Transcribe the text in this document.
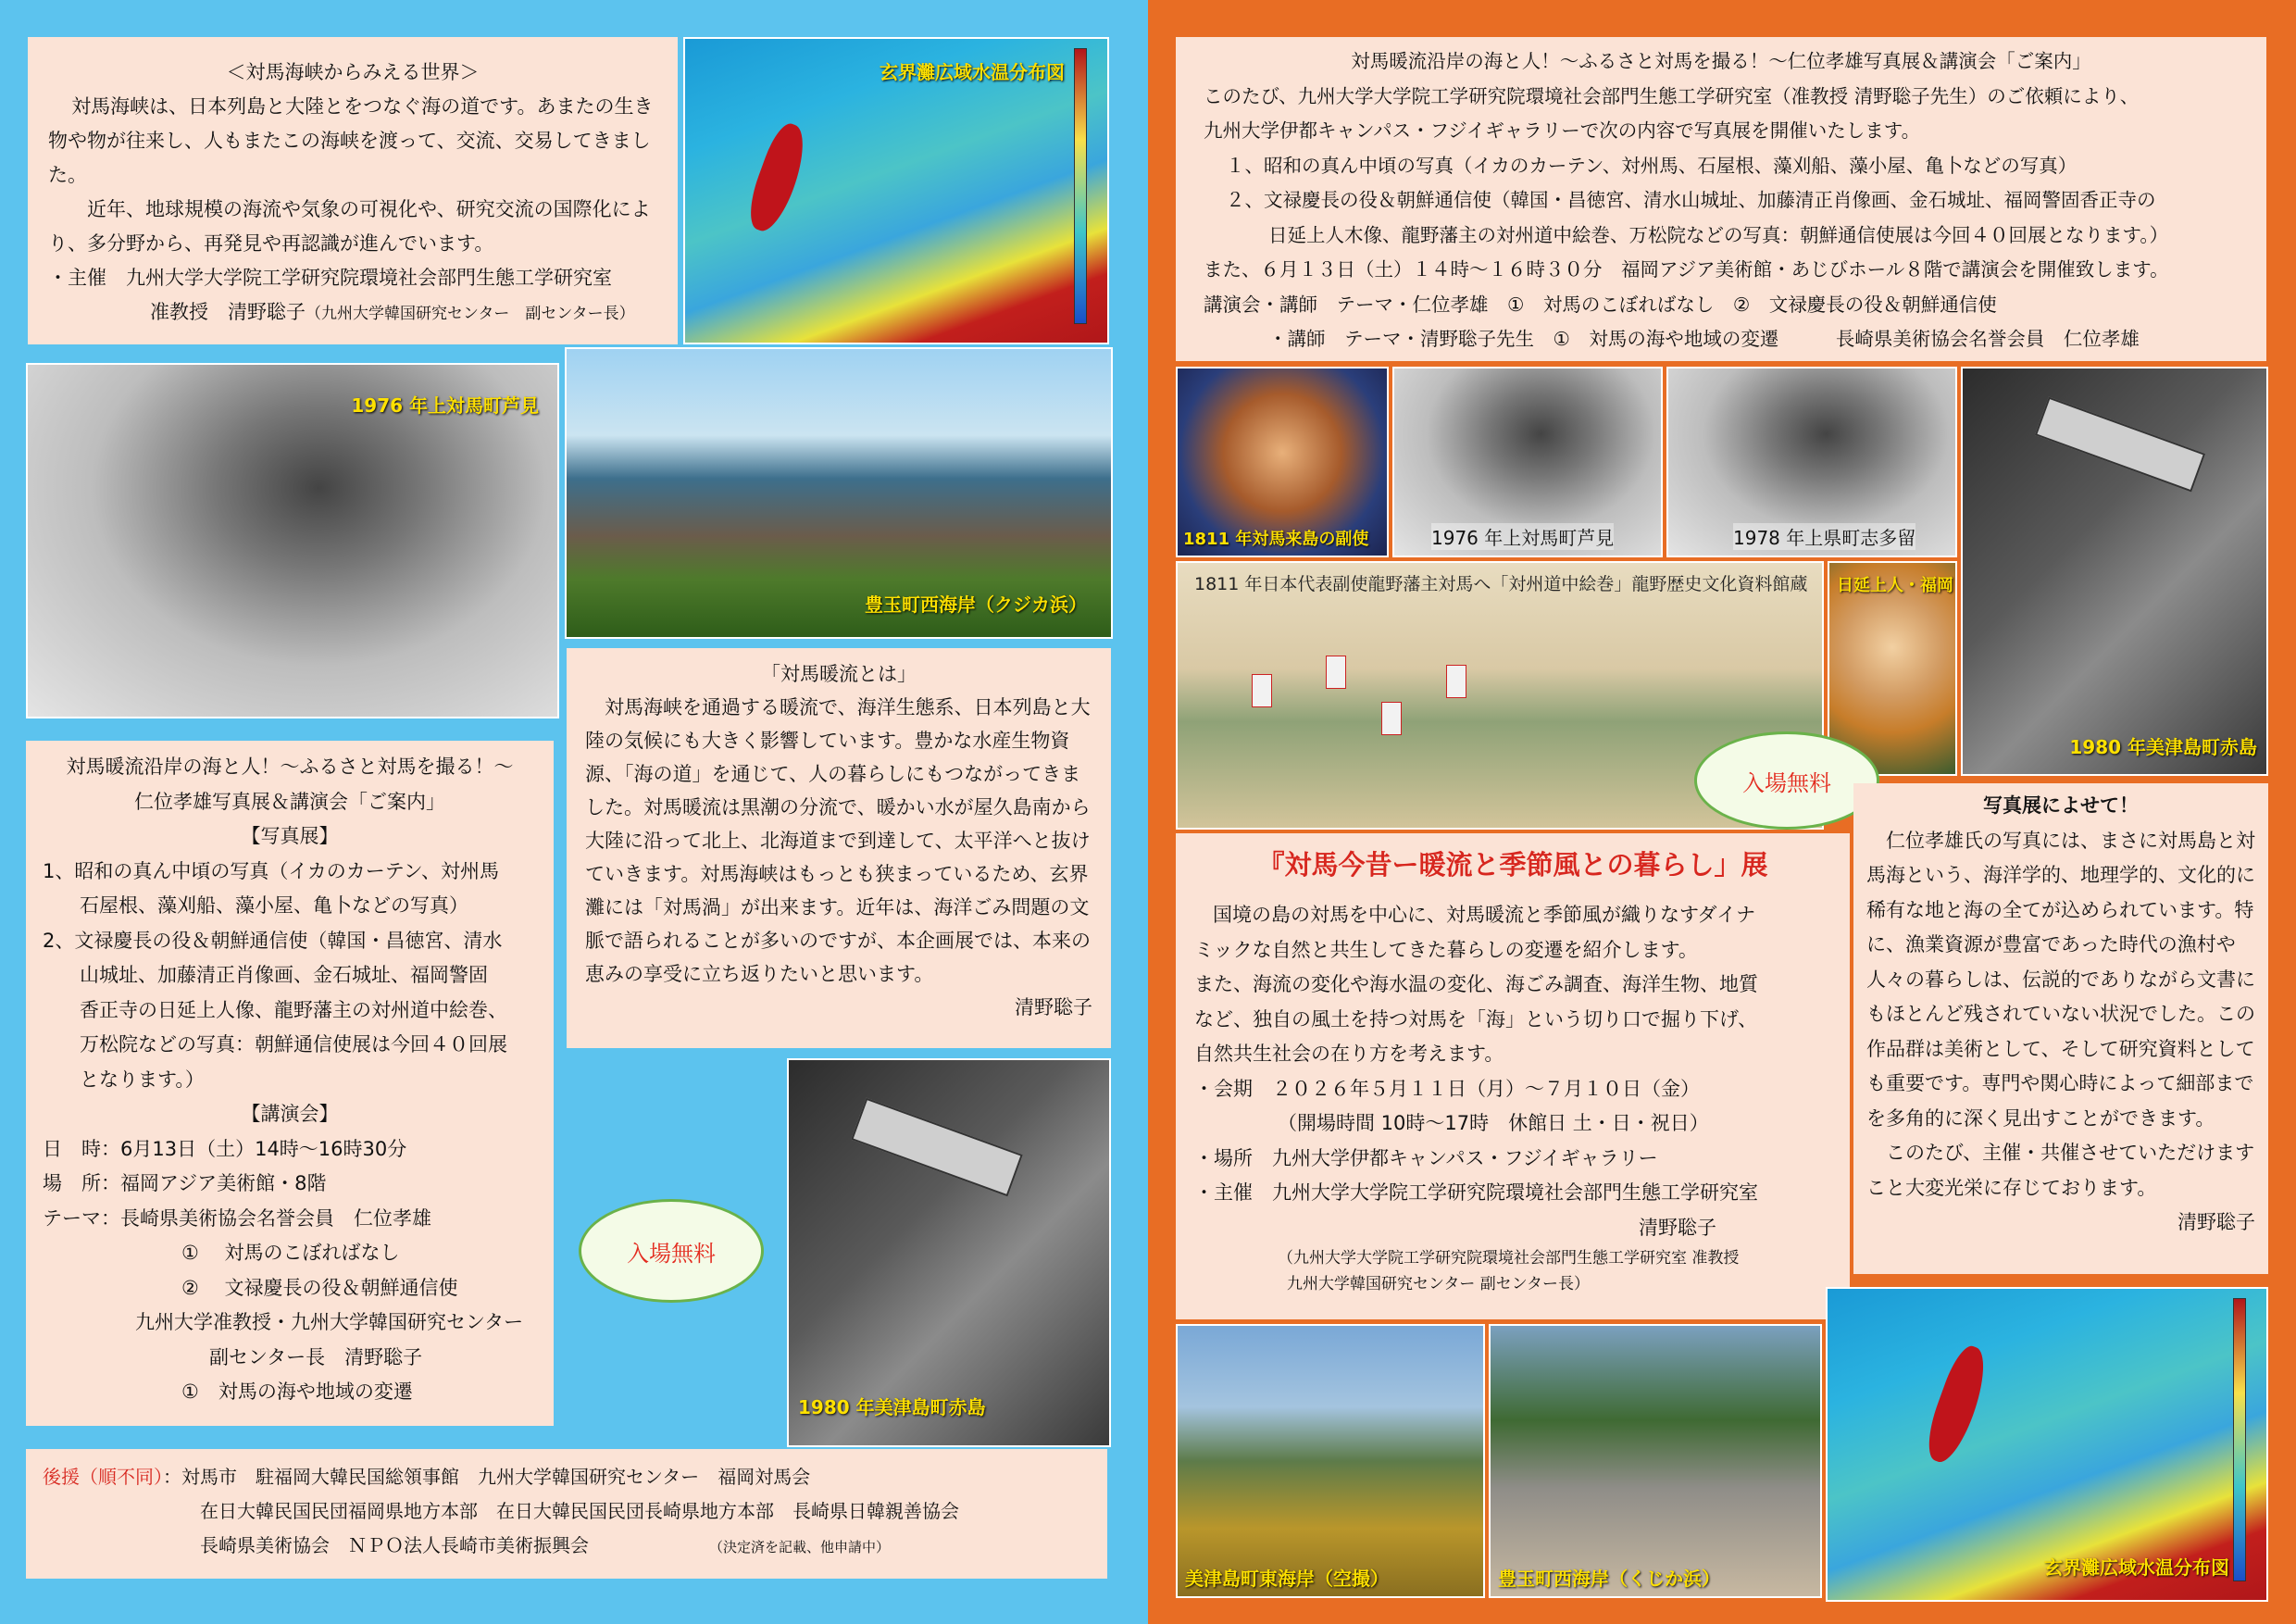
＜対馬海峡からみえる世界＞
対馬海峡は、日本列島と大陸とをつなぐ海の道です。あまたの生き物や物が往来し、人もまたこの海峡を渡って、交流、交易してきました。
近年、地球規模の海流や気象の可視化や、研究交流の国際化により、多分野から、再発見や再認識が進んでいます。
・主催　九州大学大学院工学研究院環境社会部門生態工学研究室
准教授　清野聡子（九州大学韓国研究センター　副センター長）
玄界灘広域水温分布図
1976 年上対馬町芦見
豊玉町西海岸（クジカ浜）
「対馬暖流とは」
対馬海峡を通過する暖流で、海洋生態系、日本列島と大陸の気候にも大きく影響しています。豊かな水産生物資源、「海の道」を通じて、人の暮らしにもつながってきました。対馬暖流は黒潮の分流で、暖かい水が屋久島南から大陸に沿って北上、北海道まで到達して、太平洋へと抜けていきます。対馬海峡はもっとも狭まっているため、玄界灘には「対馬渦」が出来ます。近年は、海洋ごみ問題の文脈で語られることが多いのですが、本企画展では、本来の恵みの享受に立ち返りたいと思います。
清野聡子
対馬暖流沿岸の海と人！～ふるさと対馬を撮る！～
仁位孝雄写真展＆講演会「ご案内」
【写真展】
1、昭和の真ん中頃の写真（イカのカーテン、対州馬
石屋根、藻刈船、藻小屋、亀卜などの写真）
2、文禄慶長の役＆朝鮮通信使（韓国・昌徳宮、清水
山城址、加藤清正肖像画、金石城址、福岡警固
香正寺の日延上人像、龍野藩主の対州道中絵巻、
万松院などの写真：朝鮮通信使展は今回４０回展
となります。）
【講演会】
日　時：6月13日（土）14時～16時30分
場　所：福岡アジア美術館・8階
テーマ：長崎県美術協会名誉会員　仁位孝雄
①　 対馬のこぼればなし
②　 文禄慶長の役＆朝鮮通信使
九州大学准教授・九州大学韓国研究センター
副センター長　清野聡子
①　対馬の海や地域の変遷
入場無料
1980 年美津島町赤島
後援（順不同）：対馬市　駐福岡大韓民国総領事館　九州大学韓国研究センター　福岡対馬会
在日大韓民国民団福岡県地方本部　在日大韓民国民団長崎県地方本部　長崎県日韓親善協会
長崎県美術協会　ＮＰＯ法人長崎市美術振興会	（決定済を記載、他申請中）
対馬暖流沿岸の海と人！～ふるさと対馬を撮る！～仁位孝雄写真展＆講演会「ご案内」
このたび、九州大学大学院工学研究院環境社会部門生態工学研究室（准教授 清野聡子先生）のご依頼により、
九州大学伊都キャンパス・フジイギャラリーで次の内容で写真展を開催いたします。
１、昭和の真ん中頃の写真（イカのカーテン、対州馬、石屋根、藻刈船、藻小屋、亀卜などの写真）
２、文禄慶長の役＆朝鮮通信使（韓国・昌徳宮、清水山城址、加藤清正肖像画、金石城址、福岡警固香正寺の
日延上人木像、龍野藩主の対州道中絵巻、万松院などの写真：朝鮮通信使展は今回４０回展となります。）
また、６月１３日（土）１４時～１６時３０分　福岡アジア美術館・あじびホール８階で講演会を開催致します。
講演会・講師　テーマ・仁位孝雄　①　対馬のこぼればなし　②　文禄慶長の役＆朝鮮通信使
・講師　テーマ・清野聡子先生　①　対馬の海や地域の変遷　　　長崎県美術協会名誉会員　仁位孝雄
1811 年対馬来島の副使	1976 年上対馬町芦見	1978 年上県町志多留
1980 年美津島町赤島
1811 年日本代表副使龍野藩主対馬へ「対州道中絵巻」龍野歴史文化資料館蔵 日延上人・福岡
入場無料
『対馬今昔ー暖流と季節風との暮らし」展
国境の島の対馬を中心に、対馬暖流と季節風が織りなすダイナ
ミックな自然と共生してきた暮らしの変遷を紹介します。
また、海流の変化や海水温の変化、海ごみ調査、海洋生物、地質
など、独自の風土を持つ対馬を「海」という切り口で掘り下げ、
自然共生社会の在り方を考えます。
・会期　２０２６年５月１１日（月）～７月１０日（金）
（開場時間 10時～17時　休館日 土・日・祝日）
・場所　九州大学伊都キャンパス・フジイギャラリー
・主催　九州大学大学院工学研究院環境社会部門生態工学研究室
清野聡子
（九州大学大学院工学研究院環境社会部門生態工学研究室 准教授
九州大学韓国研究センター 副センター長）
写真展によせて！
仁位孝雄氏の写真には、まさに対馬島と対馬海という、海洋学的、地理学的、文化的に稀有な地と海の全てが込められています。特に、漁業資源が豊富であった時代の漁村や人々の暮らしは、伝説的でありながら文書にもほとんど残されていない状況でした。この作品群は美術として、そして研究資料としても重要です。専門や関心時によって細部までを多角的に深く見出すことができます。
このたび、主催・共催させていただけますこと大変光栄に存じております。
清野聡子
美津島町東海岸（空撮）	豊玉町西海岸（くじか浜）	玄界灘広域水温分布図
